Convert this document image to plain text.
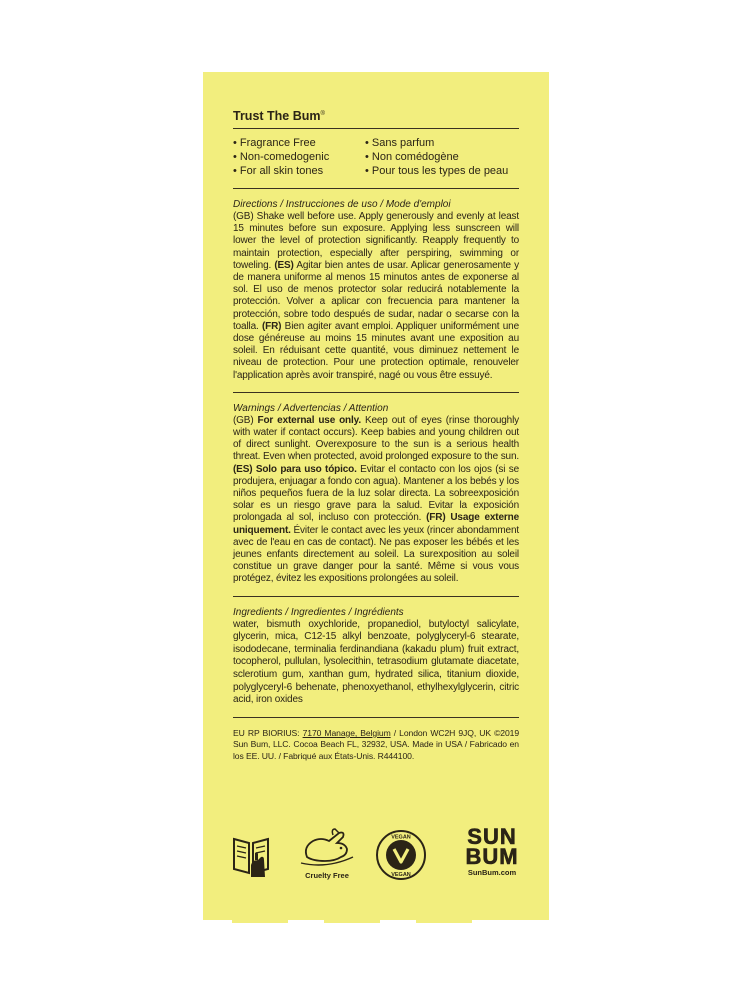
Trust The Bum®
• Fragrance Free	• Sans parfum
• Non-comedogenic	• Non comédogène
• For all skin tones	• Pour tous les types de peau
Directions / Instrucciones de uso / Mode d'emploi
(GB) Shake well before use. Apply generously and evenly at least 15 minutes before sun exposure. Applying less sunscreen will lower the level of protection significantly. Reapply frequently to maintain protection, especially after perspiring, swimming or toweling. (ES) Agitar bien antes de usar. Aplicar generosamente y de manera uniforme al menos 15 minutos antes de exponerse al sol. El uso de menos protector solar reducirá notablemente la protección. Volver a aplicar con frecuencia para mantener la protección, sobre todo después de sudar, nadar o secarse con la toalla. (FR) Bien agiter avant emploi. Appliquer uniformément une dose généreuse au moins 15 minutes avant une exposition au soleil. En réduisant cette quantité, vous diminuez nettement le niveau de protection. Pour une protection optimale, renouveler l'application après avoir transpiré, nagé ou vous être essuyé.
Warnings / Advertencias / Attention
(GB) For external use only. Keep out of eyes (rinse thoroughly with water if contact occurs). Keep babies and young children out of direct sunlight. Overexposure to the sun is a serious health threat. Even when protected, avoid prolonged exposure to the sun. (ES) Solo para uso tópico. Evitar el contacto con los ojos (si se produjera, enjuagar a fondo con agua). Mantener a los bebés y los niños pequeños fuera de la luz solar directa. La sobreexposición solar es un riesgo grave para la salud. Evitar la exposición prolongada al sol, incluso con protección. (FR) Usage externe uniquement. Éviter le contact avec les yeux (rincer abondamment avec de l'eau en cas de contact). Ne pas exposer les bébés et les jeunes enfants directement au soleil. La surexposition au soleil constitue un grave danger pour la santé. Même si vous vous protégez, évitez les expositions prolongées au soleil.
Ingredients / Ingredientes / Ingrédients
water, bismuth oxychloride, propanediol, butyloctyl salicylate, glycerin, mica, C12-15 alkyl benzoate, polyglyceryl-6 stearate, isododecane, terminalia ferdinandiana (kakadu plum) fruit extract, tocopherol, pullulan, lysolecithin, tetrasodium glutamate diacetate, sclerotium gum, xanthan gum, hydrated silica, titanium dioxide, polyglyceryl-6 behenate, phenoxyethanol, ethylhexylglycerin, citric acid, iron oxides
EU RP BIORIUS: 7170 Manage, Belgium / London WC2H 9JQ, UK ©2019 Sun Bum, LLC. Cocoa Beach FL, 32932, USA. Made in USA / Fabricado en los EE. UU. / Fabriqué aux États-Unis. R444100.
Cruelty Free
VEGAN
VEGAN
SUN
BUM
SunBum.com
